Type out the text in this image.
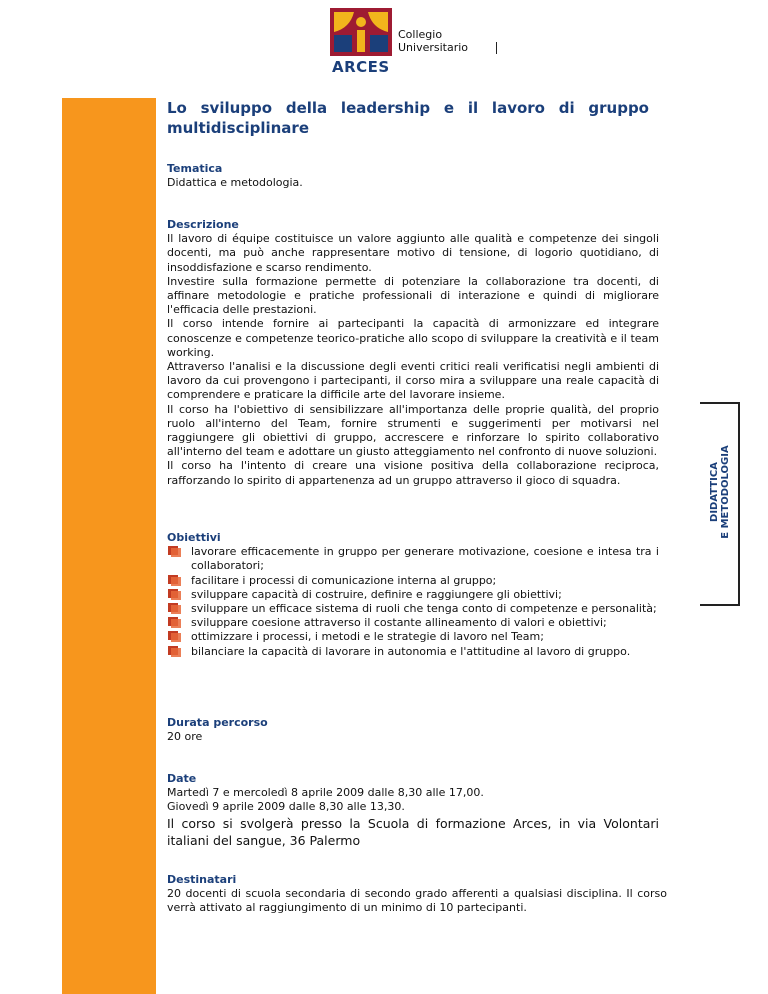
Collegio
Universitario
ARCES
Lo sviluppo della leadership e il lavoro di gruppo multidisciplinare
Tematica

Didattica e metodologia.

Descrizione

Il lavoro di équipe costituisce un valore aggiunto alle qualità e competenze dei singoli docenti, ma può anche rappresentare motivo di tensione, di logorio quotidiano, di insoddisfazione e scarso rendimento.

Investire sulla formazione permette di potenziare la collaborazione tra docenti, di affinare metodologie e pratiche professionali di interazione e quindi di migliorare l'efficacia delle prestazioni.

Il corso intende fornire ai partecipanti la capacità di armonizzare ed integrare conoscenze e competenze teorico-pratiche allo scopo di sviluppare la creatività e il team working.

Attraverso l'analisi e la discussione degli eventi critici reali verificatisi negli ambienti di lavoro da cui provengono i partecipanti, il corso mira a sviluppare una reale capacità di comprendere e praticare la difficile arte del lavorare insieme.

Il corso ha l'obiettivo di sensibilizzare all'importanza delle proprie qualità, del proprio ruolo all'interno del Team, fornire strumenti e suggerimenti per motivarsi nel raggiungere gli obiettivi di gruppo, accrescere e rinforzare lo spirito collaborativo all'interno del team e adottare un giusto atteggiamento nel confronto di nuove soluzioni.

Il corso ha l'intento di creare una visione positiva della collaborazione reciproca, rafforzando lo spirito di appartenenza ad un gruppo attraverso il gioco di squadra.

Obiettivi
lavorare efficacemente in gruppo per generare motivazione, coesione e intesa tra i collaboratori;
facilitare i processi di comunicazione interna al gruppo;
sviluppare capacità di costruire, definire e raggiungere gli obiettivi;
sviluppare un efficace sistema di ruoli che tenga conto di competenze e personalità;
sviluppare coesione attraverso il costante allineamento di valori e obiettivi;
ottimizzare i processi, i metodi e le strategie di lavoro nel Team;
bilanciare la capacità di lavorare in autonomia e l'attitudine al lavoro di gruppo.
Durata percorso

20 ore

Date

Martedì 7 e mercoledì 8 aprile 2009 dalle 8,30 alle 17,00.

Giovedì 9 aprile 2009 dalle 8,30 alle 13,30.

Il corso si svolgerà presso la Scuola di formazione Arces, in via Volontari italiani del sangue, 36 Palermo

Destinatari

20 docenti di scuola secondaria di secondo grado afferenti a qualsiasi disciplina. Il corso verrà attivato al raggiungimento di un minimo di 10 partecipanti.

DIDATTICA E METODOLOGIA
